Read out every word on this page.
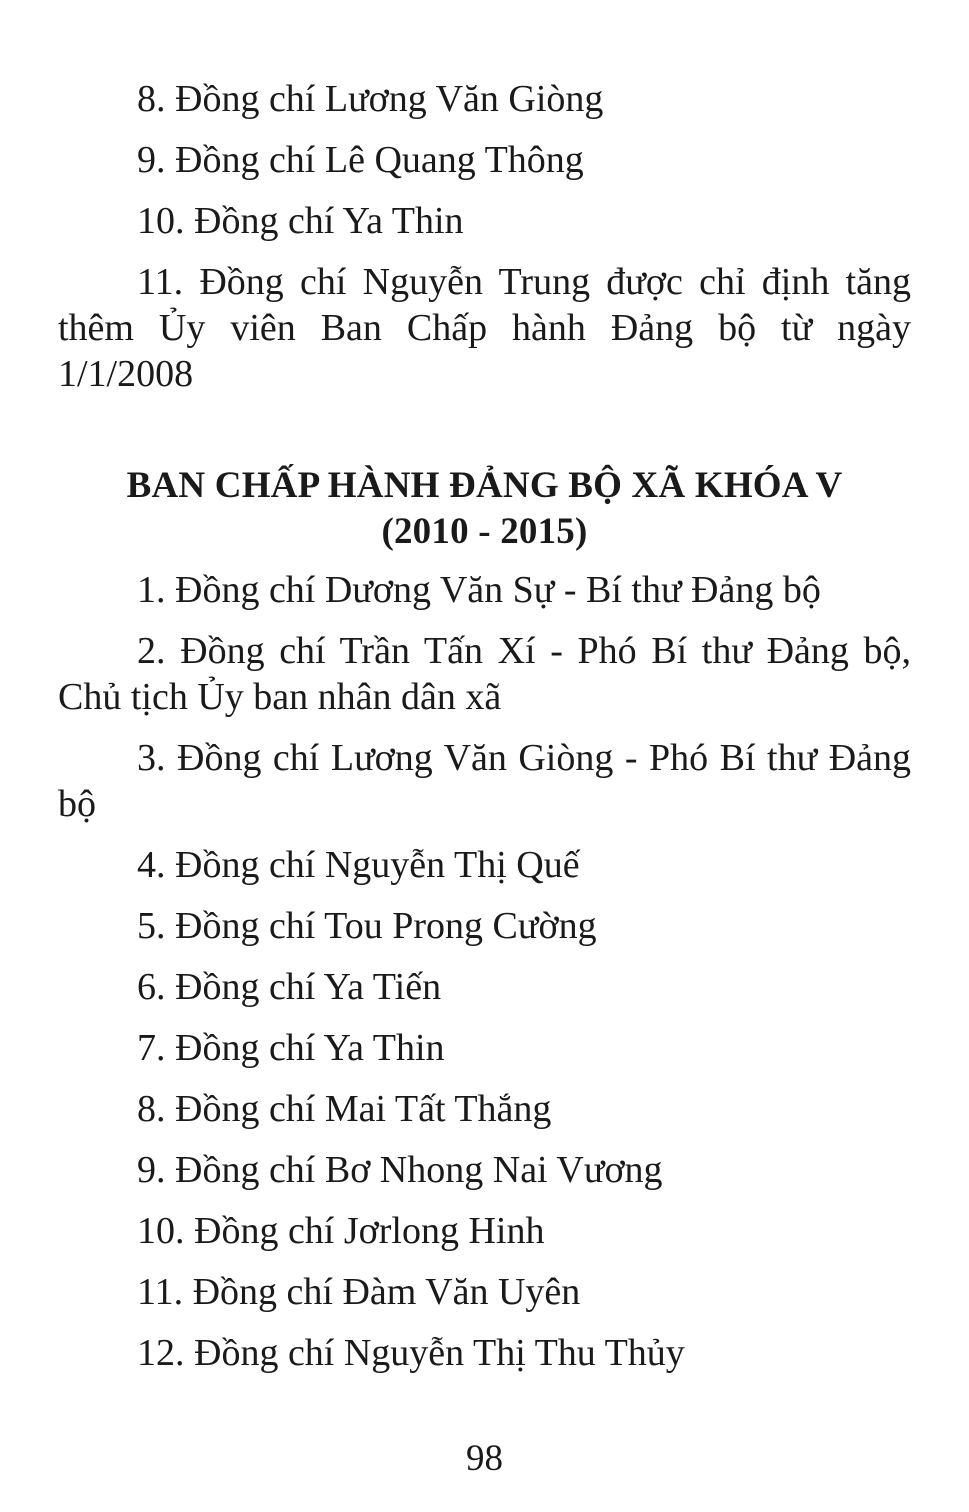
8. Đồng chí Lương Văn Giòng

9. Đồng chí Lê Quang Thông

10. Đồng chí Ya Thin

11. Đồng chí Nguyễn Trung được chỉ định tăng thêm Ủy viên Ban Chấp hành Đảng bộ từ ngày 1/1/2008

BAN CHẤP HÀNH ĐẢNG BỘ XÃ KHÓA V
(2010 - 2015)

1. Đồng chí Dương Văn Sự - Bí thư Đảng bộ

2. Đồng chí Trần Tấn Xí - Phó Bí thư Đảng bộ, Chủ tịch Ủy ban nhân dân xã

3. Đồng chí Lương Văn Giòng - Phó Bí thư Đảng bộ

4. Đồng chí Nguyễn Thị Quế

5. Đồng chí Tou Prong Cường

6. Đồng chí Ya Tiến

7. Đồng chí Ya Thin

8. Đồng chí Mai Tất Thắng

9. Đồng chí Bơ Nhong Nai Vương

10. Đồng chí Jơrlong Hinh

11. Đồng chí Đàm Văn Uyên

12. Đồng chí Nguyễn Thị Thu Thủy

98
